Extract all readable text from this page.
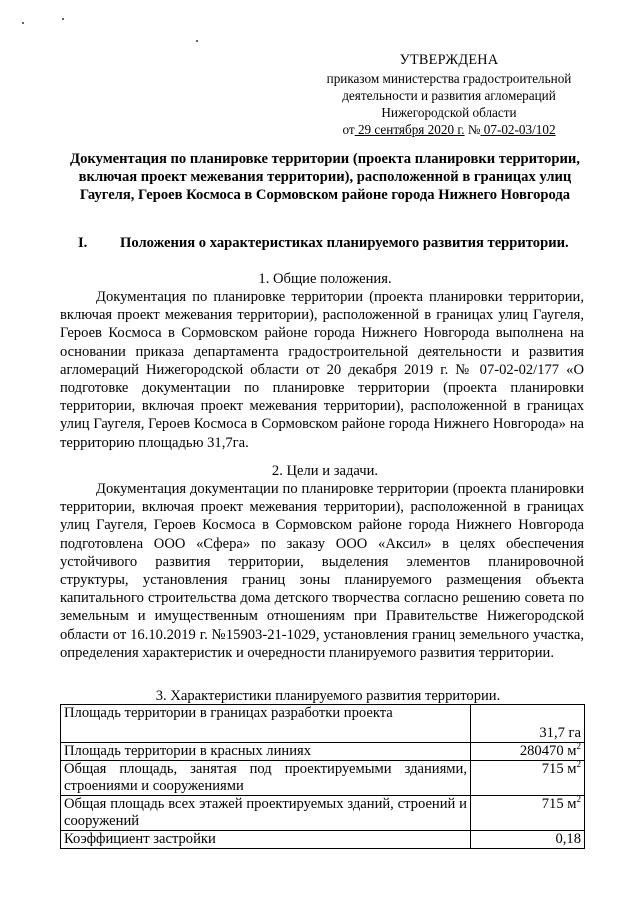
УТВЕРЖДЕНА
приказом министерства градостроительной
деятельности и развития агломераций
Нижегородской области
от 29 сентября 2020 г. № 07-02-03/102
Документация по планировке территории (проекта планировки территории, включая проект межевания территории), расположенной в границах улиц Гаугеля, Героев Космоса в Сормовском районе города Нижнего Новгорода
I.	Положения о характеристиках планируемого развития территории.
1. Общие положения.
Документация по планировке территории (проекта планировки территории, включая проект межевания территории), расположенной в границах улиц Гаугеля, Героев Космоса в Сормовском районе города Нижнего Новгорода выполнена на основании приказа департамента градостроительной деятельности и развития агломераций Нижегородской области от 20 декабря 2019 г. № 07-02-02/177 «О подготовке документации по планировке территории (проекта планировки территории, включая проект межевания территории), расположенной в границах улиц Гаугеля, Героев Космоса в Сормовском районе города Нижнего Новгорода» на территорию площадью 31,7га.
2. Цели и задачи.
Документация документации по планировке территории (проекта планировки территории, включая проект межевания территории), расположенной в границах улиц Гаугеля, Героев Космоса в Сормовском районе города Нижнего Новгорода подготовлена ООО «Сфера» по заказу ООО «Аксил» в целях обеспечения устойчивого развития территории, выделения элементов планировочной структуры, установления границ зоны планируемого размещения объекта капитального строительства дома детского творчества согласно решению совета по земельным и имущественным отношениям при Правительстве Нижегородской области от 16.10.2019 г. №15903-21-1029, установления границ земельного участка, определения характеристик и очередности планируемого развития территории.
3. Характеристики планируемого развития территории.
Площадь территории в границах разработки проекта	31,7 га
Площадь территории в красных линиях	280470 $м^2$
Общая площадь, занятая под проектируемыми зданиями, строениями и сооружениями	715 $м^2$
Общая площадь всех этажей проектируемых зданий, строений и сооружений	715 $м^2$
Коэффициент застройки	0,18
